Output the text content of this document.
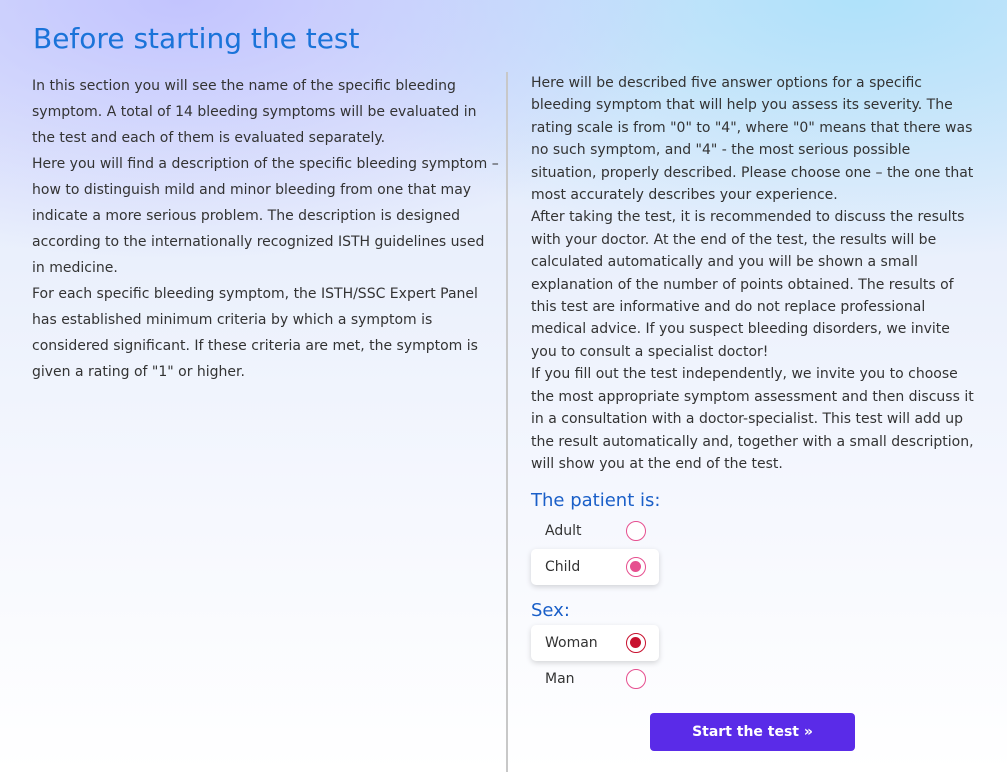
Before starting the test

In this section you will see the name of the specific bleeding symptom. A total of 14 bleeding symptoms will be evaluated in the test and each of them is evaluated separately.

Here you will find a description of the specific bleeding symptom – how to distinguish mild and minor bleeding from one that may indicate a more serious problem. The description is designed according to the internationally recognized ISTH guidelines used in medicine.

For each specific bleeding symptom, the ISTH/SSC Expert Panel has established minimum criteria by which a symptom is considered significant. If these criteria are met, the symptom is given a rating of "1" or higher.

Here will be described five answer options for a specific bleeding symptom that will help you assess its severity. The rating scale is from "0" to "4", where "0" means that there was no such symptom, and "4" - the most serious possible situation, properly described. Please choose one – the one that most accurately describes your experience.

After taking the test, it is recommended to discuss the results with your doctor. At the end of the test, the results will be calculated automatically and you will be shown a small explanation of the number of points obtained. The results of this test are informative and do not replace professional medical advice. If you suspect bleeding disorders, we invite you to consult a specialist doctor!

If you fill out the test independently, we invite you to choose the most appropriate symptom assessment and then discuss it in a consultation with a doctor-specialist. This test will add up the result automatically and, together with a small description, will show you at the end of the test.

The patient is:
Adult
Child
Sex:
Woman
Man
Start the test »
